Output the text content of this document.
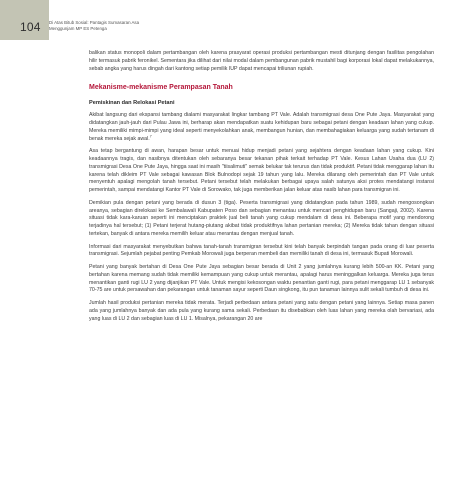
104 Di Atas Bitub Sosial: Pantagis Sumasaran Asa
Menggunjam MP ES Petenga

balikan status monopoli dalam pertambangan oleh karena prasyarat operasi produksi pertambangan mesti ditunjang dengan fasilitas pengolahan hilir termasuk pabrik feronikel. Sementara jika dilihat dari nilai modal dalam pembangunan pabrik mustahil bagi korporasi lokal dapat melakukannya, sebab angka yang harus dingah dari kantong setiap pemilik IUP dapat mencapai triliunan rupiah.

Mekanisme-mekanisme Perampasan Tanah
Pemiskinan dan Relokasi Petani

Akibat langsung dari ekspansi tambang dialami masyarakat lingkar tambang PT Vale. Adalah transmigrasi desa One Pute Jaya. Masyarakat yang didatangkan jauh-jauh dari Pulau Jawa ini, berharap akan mendapatkan suatu kehidupan baru sebagai petani dengan keadaan lahan yang cukup. Mereka memiliki mimpi-mimpi yang ideal seperti menyekolahkan anak, membangun hunian, dan membahagiakan keluarga yang sudah tertanam di benak mereka sejak awal.$^7$

Asa tetap bergantung di awan, harapan besar untuk menuai hidup menjadi petani yang sejahtera dengan keadaan lahan yang cukup. Kini keadaannya tragis, dan nasibnya ditentukan oleh sebaranya besar tekanan pihak terkait terhadap PT Vale. Kesus Lahan Usaha dua (LU 2) transmigrasi Desa One Pute Jaya, hingga saat ini masih "tiisalimuti" semak belukar tak terurus dan tidak produktif. Petani tidak menggarap lahan itu karena telah dikleim PT Vale sebagai kawasan Blok Bulnodopi sejak 19 tahun yang lalu. Mereka dilarang oleh pemerintah dan PT Vale untuk menyentuh apalagi mengolah tanah tersebut. Petani tersebut telah melakukan berbagai upaya salah satunya aksi protes mendatangi instansi pemerintah, sampai mendatangi Kantor PT Vale di Sorowako, tak juga memberikan jalan keluar atas nasib lahan para transmigran ini.

Demikian pula dengan petani yang berada di dusun 3 (tiga). Peserta transmigrasi yang didatangkan pada tahun 1989, sudah mengosongkan areanya, sebagian direlokasi ke Sembalawali Kabupaten Poso dan sebagian menantau untuk mencari penghidupan baru (Sangaji, 2002). Karena situasi tidak kara-karuan seperti ini menciptakan praktek jual beli tanah yang cukup mendalam di desa ini. Beberapa motif yang mendorong terjadinya hal tersebut; (1) Petani terjerat hutang-piutang akibat tidak produktifnya lahan pertanian mereka; (2) Mereka tidak tahan dengan situasi tertekan, banyak di antara mereka memilih keluar atau merantau dengan menjual tanah.

Informasi dari masyarakat menyebutkan bahwa tanah-tanah transmigran tersebut kini telah banyak berpindah tangan pada orang di luar peserta transmigrasi. Sejumlah pejabat penting Pemkab Morowali juga berperan membeli dan memiliki tanah di desa ini, termasuk Bupati Morowali.

Petani yang banyak bertahan di Desa One Pute Jaya sebagian besar berada di Unit 2 yang jumlahnya kurang lebih 500-an KK. Petani yang bertahan karena memang sudah tidak memiliki kemampuan yang cukup untuk merantau, apalagi harus meninggalkan keluarga. Mereka juga terus menantikan ganti rugi LU 2 yang dijanjikan PT Vale. Untuk mengisi kekosongan waktu penantian ganti rugi, para petani menggarap LU 1 sebanyak 70-75 are untuk persawahan dan pekarangan untuk tanaman sayur seperti Daun singkong, itu pun tanaman lainnya sulit sekali tumbuh di desa ini.

Jumlah hasil produksi pertanian mereka tidak merata. Terjadi perbedaan antara petani yang satu dengan petani yang lainnya. Setiap masa panen ada yang jumlahnya banyak dan ada pula yang kurang sama sekali. Perbedaan itu disebabkan oleh luas lahan yang mereka olah bervariasi, ada yang luas di LU 2 dan sebagian luas di LU 1. Misalnya, pekarangan 20 are
